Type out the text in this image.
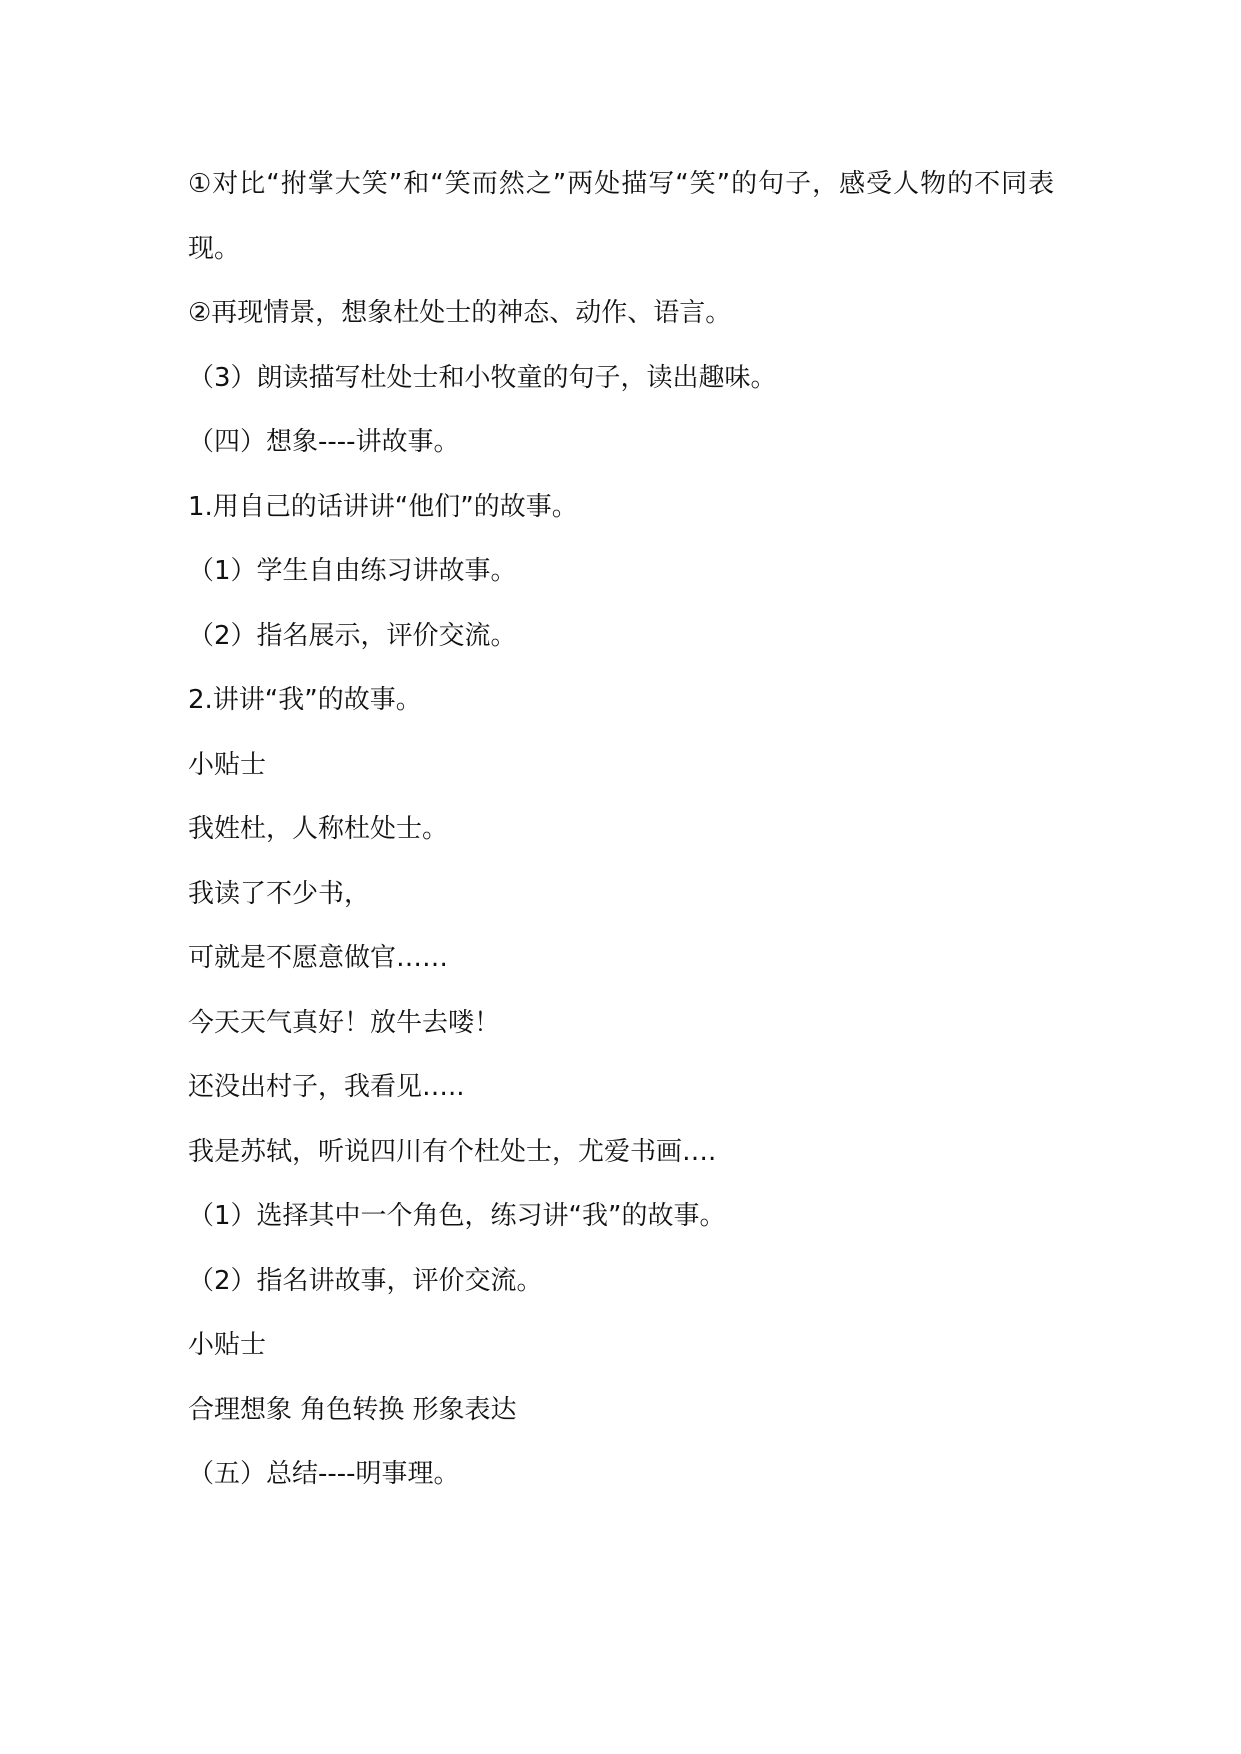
①对比“拊掌大笑”和“笑而然之”两处描写“笑”的句子，感受人物的不同表

现。

②再现情景，想象杜处士的神态、动作、语言。

（3）朗读描写杜处士和小牧童的句子，读出趣味。

（四）想象----讲故事。

1.用自己的话讲讲“他们”的故事。

（1）学生自由练习讲故事。

（2）指名展示，评价交流。

2.讲讲“我”的故事。

小贴士

我姓杜，人称杜处士。

我读了不少书，

可就是不愿意做官……

今天天气真好！放牛去喽！

还没出村子，我看见…..

我是苏轼，听说四川有个杜处士，尤爱书画….

（1）选择其中一个角色，练习讲“我”的故事。

（2）指名讲故事，评价交流。

小贴士

合理想象 角色转换 形象表达

（五）总结----明事理。
